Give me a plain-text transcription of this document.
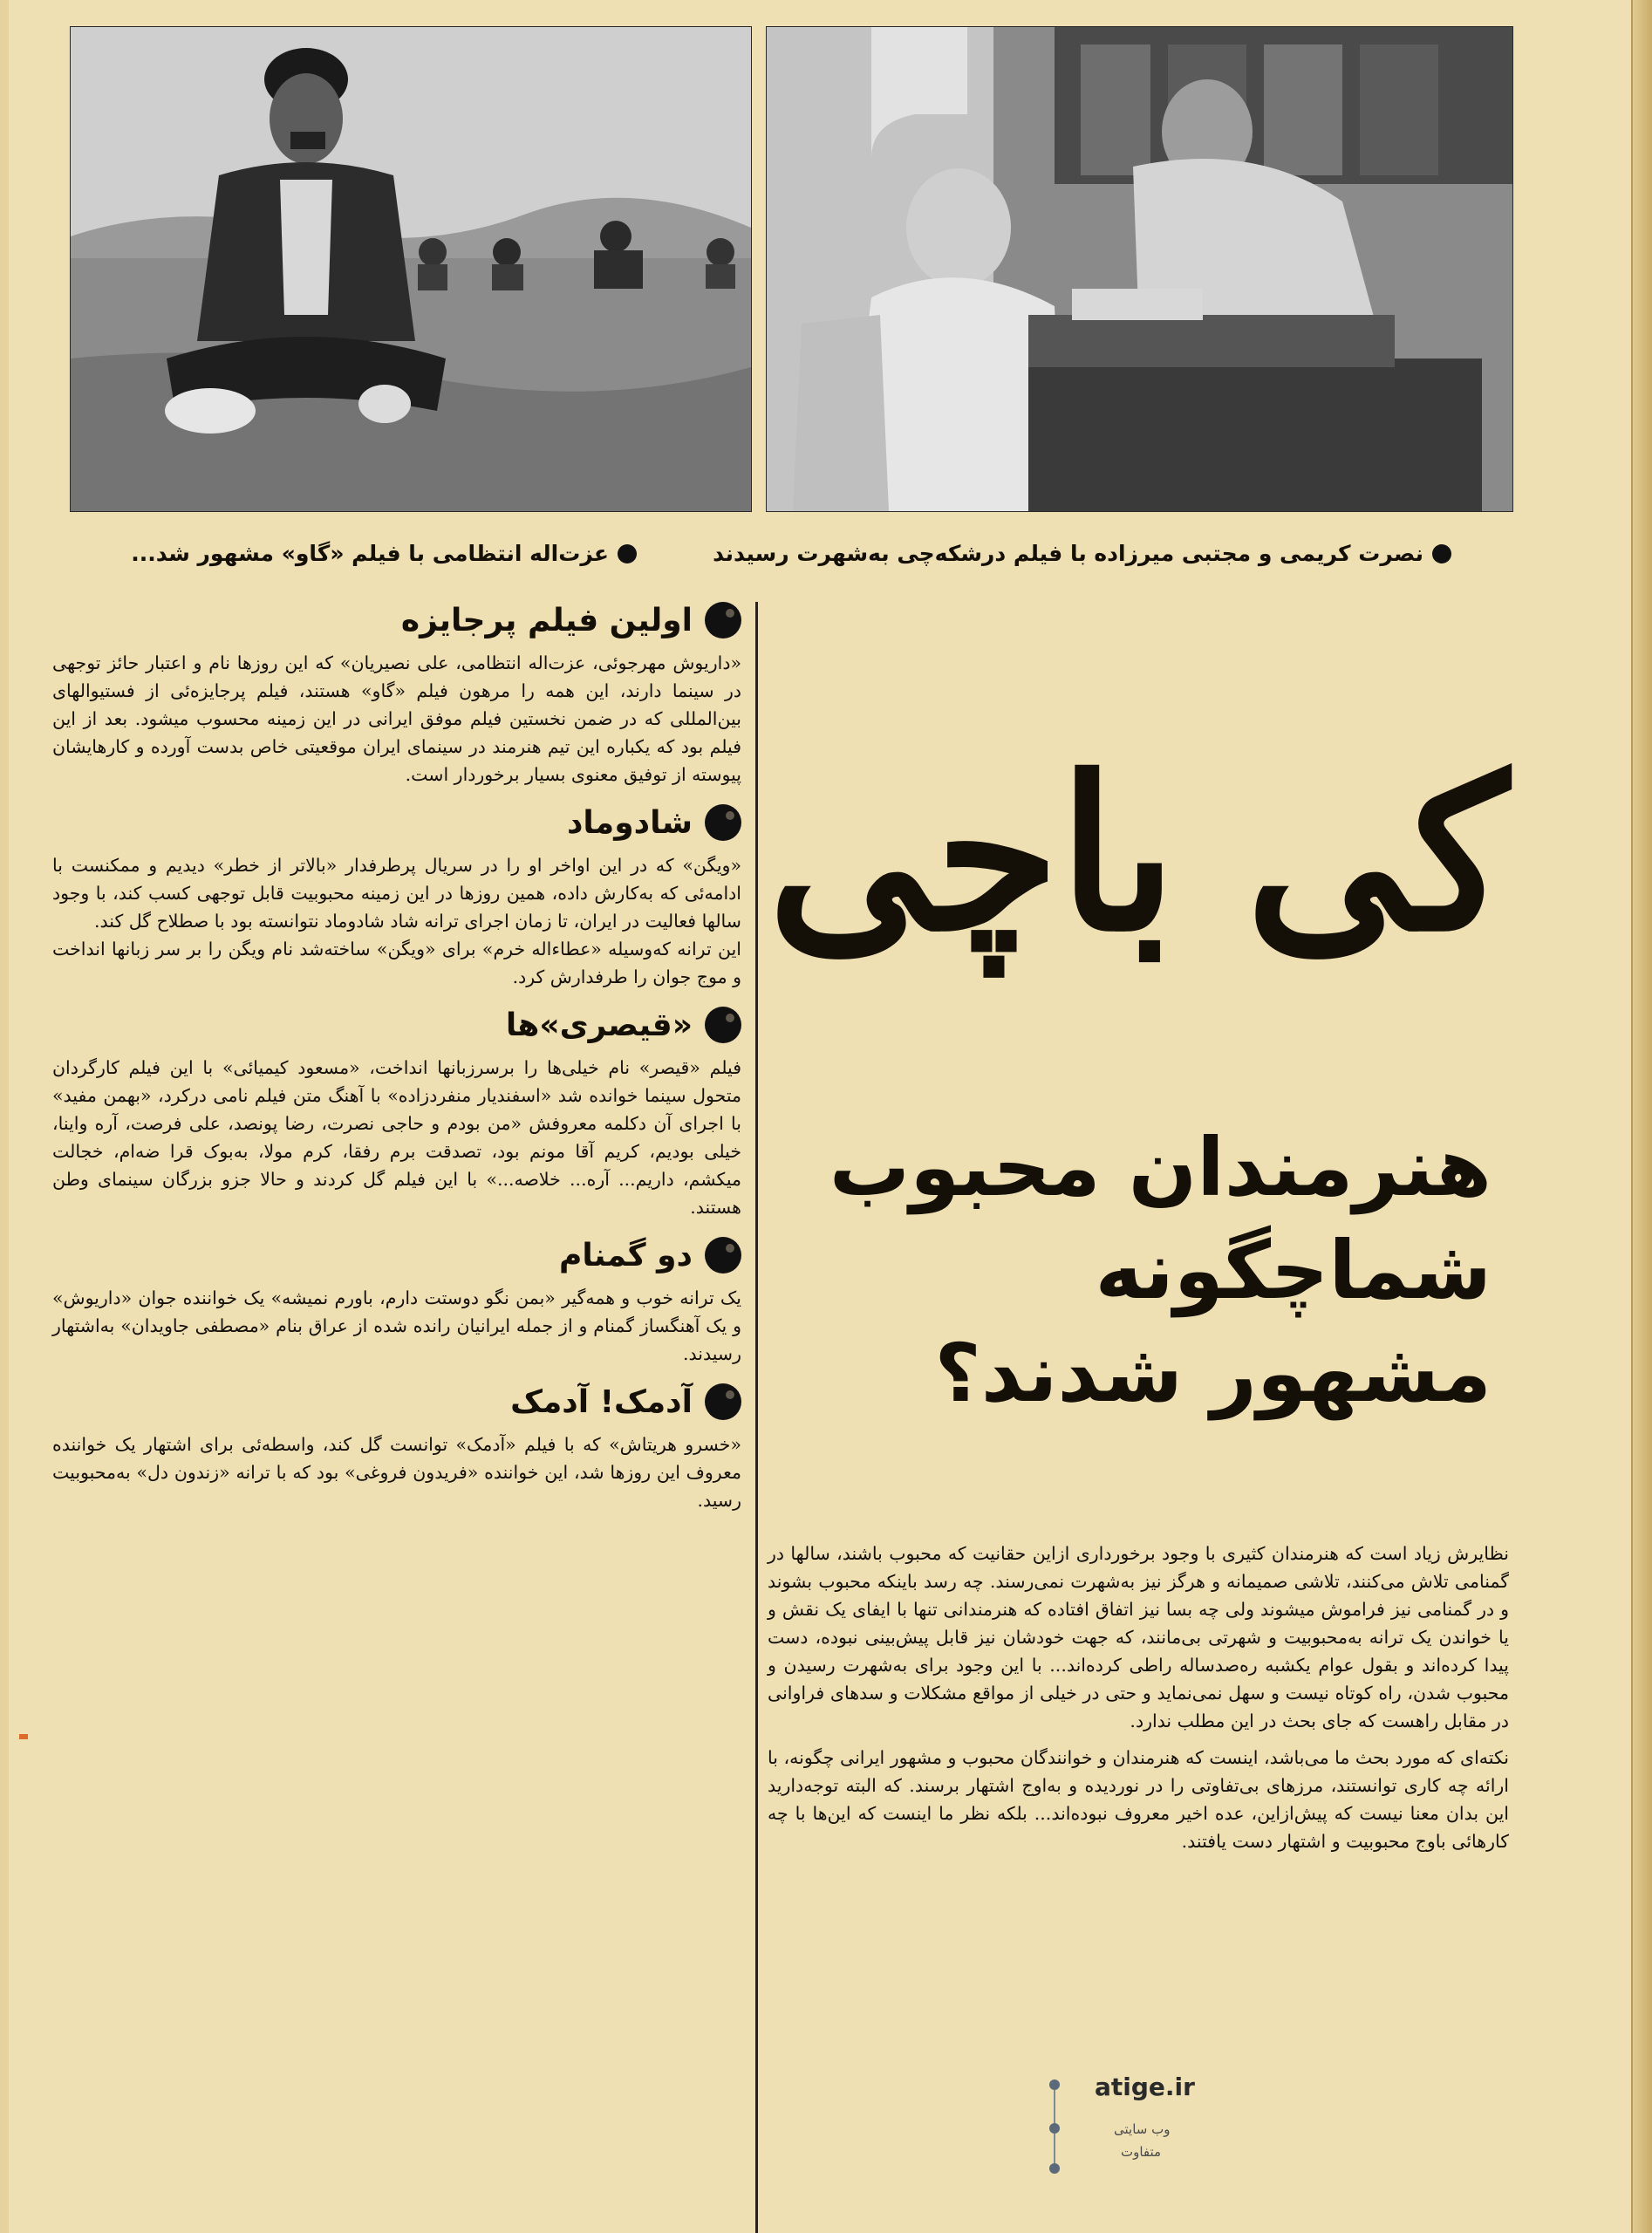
عزت‌اله انتظامی با فیلم «گاو» مشهور شد...	نصرت کریمی و مجتبی میرزاده با فیلم درشکه‌چی به‌شهرت رسیدند
اولین فیلم پرجایزه

«داریوش مهرجوئی، عزت‌اله انتظامی، علی نصیریان» که این روزها نام و اعتبار حائز توجهی در سینما دارند، این همه را مرهون فیلم «گاو» هستند، فیلم پرجایزه‌ئی از فستیوالهای بین‌المللی که در ضمن نخستین فیلم موفق ایرانی در این زمینه محسوب میشود. بعد از این فیلم بود که یکباره این تیم هنرمند در سینمای ایران موقعیتی خاص بدست آورده و کارهایشان پیوسته از توفیق معنوی بسیار برخوردار است.

شادوماد

«ویگن» که در این اواخر او را در سریال پرطرفدار «بالاتر از خطر» دیدیم و ممکنست با ادامه‌ئی که به‌کارش داده، همین روزها در این زمینه محبوبیت قابل توجهی کسب کند، با وجود سالها فعالیت در ایران، تا زمان اجرای ترانه شاد شادوماد نتوانسته بود با صطلاح گل کند.

این ترانه که‌وسیله «عطاءاله خرم» برای «ویگن» ساخته‌شد نام ویگن را بر سر زبانها انداخت و موج جوان را طرفدارش کرد.

«قیصری»ها

فیلم «قیصر» نام خیلی‌ها را برسرزبانها انداخت، «مسعود کیمیائی» با این فیلم کارگردان متحول سینما خوانده شد «اسفندیار منفردزاده» با آهنگ متن فیلم نامی درکرد، «بهمن مفید» با اجرای آن دکلمه معروفش «من بودم و حاجی نصرت، رضا پونصد، علی فرصت، آره واینا، خیلی بودیم، کریم آقا مونم بود، تصدقت برم رفقا، کرم مولا، به‌بوک قرا ضه‌ام، خجالت میکشم، داریم... آره... خلاصه...» با این فیلم گل کردند و حالا جزو بزرگان سینمای وطن هستند.

دو گمنام

یک ترانه خوب و همه‌گیر «بمن نگو دوستت دارم، باورم نمیشه» یک خواننده جوان «داریوش» و یک آهنگساز گمنام و از جمله ایرانیان رانده شده از عراق بنام «مصطفی جاویدان» به‌اشتهار رسیدند.

آدمک! آدمک

«خسرو هریتاش» که با فیلم «آدمک» توانست گل کند، واسطه‌ئی برای اشتهار یک خواننده معروف این روزها شد، این خواننده «فریدون فروغی» بود که با ترانه «زندون دل» به‌محبوبیت رسید.

کی باچی
هنرمندان محبوب
شماچگونه
مشهور شدند؟

نظایرش زیاد است که هنرمندان کثیری با وجود برخورداری ازاین حقانیت که محبوب باشند، سالها در گمنامی تلاش می‌کنند، تلاشی صمیمانه و هرگز نیز به‌شهرت نمی‌رسند. چه رسد باینکه محبوب بشوند و در گمنامی نیز فراموش میشوند ولی چه بسا نیز اتفاق افتاده که هنرمندانی تنها با ایفای یک نقش و یا خواندن یک ترانه به‌محبوبیت و شهرتی بی‌مانند، که جهت خودشان نیز قابل پیش‌بینی نبوده، دست پیدا کرده‌اند و بقول عوام یکشبه ره‌صدساله راطی کرده‌اند... با این وجود برای به‌شهرت رسیدن و محبوب شدن، راه کوتاه نیست و سهل نمی‌نماید و حتی در خیلی از مواقع مشکلات و سدهای فراوانی در مقابل راهست که جای بحث در این مطلب ندارد.

نکته‌ای که مورد بحث ما می‌باشد، اینست که هنرمندان و خوانندگان محبوب و مشهور ایرانی چگونه، با ارائه چه کاری توانستند، مرزهای بی‌تفاوتی را در نوردیده و به‌اوج اشتهار برسند. که البته توجه‌دارید این بدان معنا نیست که پیش‌ازاین، عده اخیر معروف نبوده‌اند... بلکه نظر ما اینست که این‌ها با چه کارهائی باوج محبوبیت و اشتهار دست یافتند.

atige.ir
وب سایتی
متفاوت
